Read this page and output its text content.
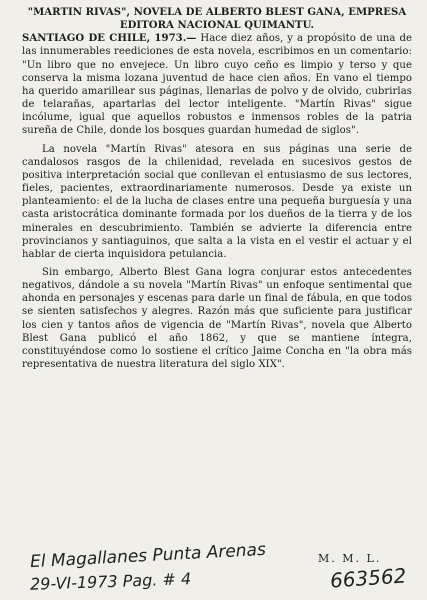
"MARTIN RIVAS", NOVELA DE ALBERTO BLEST GANA, EMPRESA EDITORA NACIONAL QUIMANTU.

SANTIAGO DE CHILE, 1973.— Hace diez años, y a propósito de una de las innumerables reediciones de esta novela, escribimos en un comentario: "Un libro que no envejece. Un libro cuyo ceño es limpio y terso y que conserva la misma lozana juventud de hace cien años. En vano el tiempo ha querido amarillear sus páginas, llenarlas de polvo y de olvido, cubrirlas de telarañas, apartarlas del lector inteligente. "Martín Rivas" sigue incólume, igual que aquellos robustos e inmensos robles de la patria sureña de Chile, donde los bosques guardan humedad de siglos".

La novela "Martín Rivas" atesora en sus páginas una serie de candalosos rasgos de la chilenidad, revelada en sucesivos gestos de positiva interpretación social que conllevan el entusiasmo de sus lectores, fieles, pacientes, extraordinariamente numerosos. Desde ya existe un planteamiento: el de la lucha de clases entre una pequeña burguesía y una casta aristocrática dominante formada por los dueños de la tierra y de los minerales en descubrimiento. También se advierte la diferencia entre provincianos y santiaguinos, que salta a la vista en el vestir el actuar y el hablar de cierta inquisidora petulancia.

Sin embargo, Alberto Blest Gana logra conjurar estos antecedentes negativos, dándole a su novela "Martín Rivas" un enfoque sentimental que ahonda en personajes y escenas para darle un final de fábula, en que todos se sienten satisfechos y alegres. Razón más que suficiente para justificar los cien y tantos años de vigencia de "Martín Rivas", novela que Alberto Blest Gana publicó el año 1862, y que se mantiene íntegra, constituyéndose como lo sostiene el crítico Jaime Concha en "la obra más representativa de nuestra literatura del siglo XIX".

El Magallanes Punta Arenas
29-VI-1973 Pag. # 4
M. M. L.
663562
